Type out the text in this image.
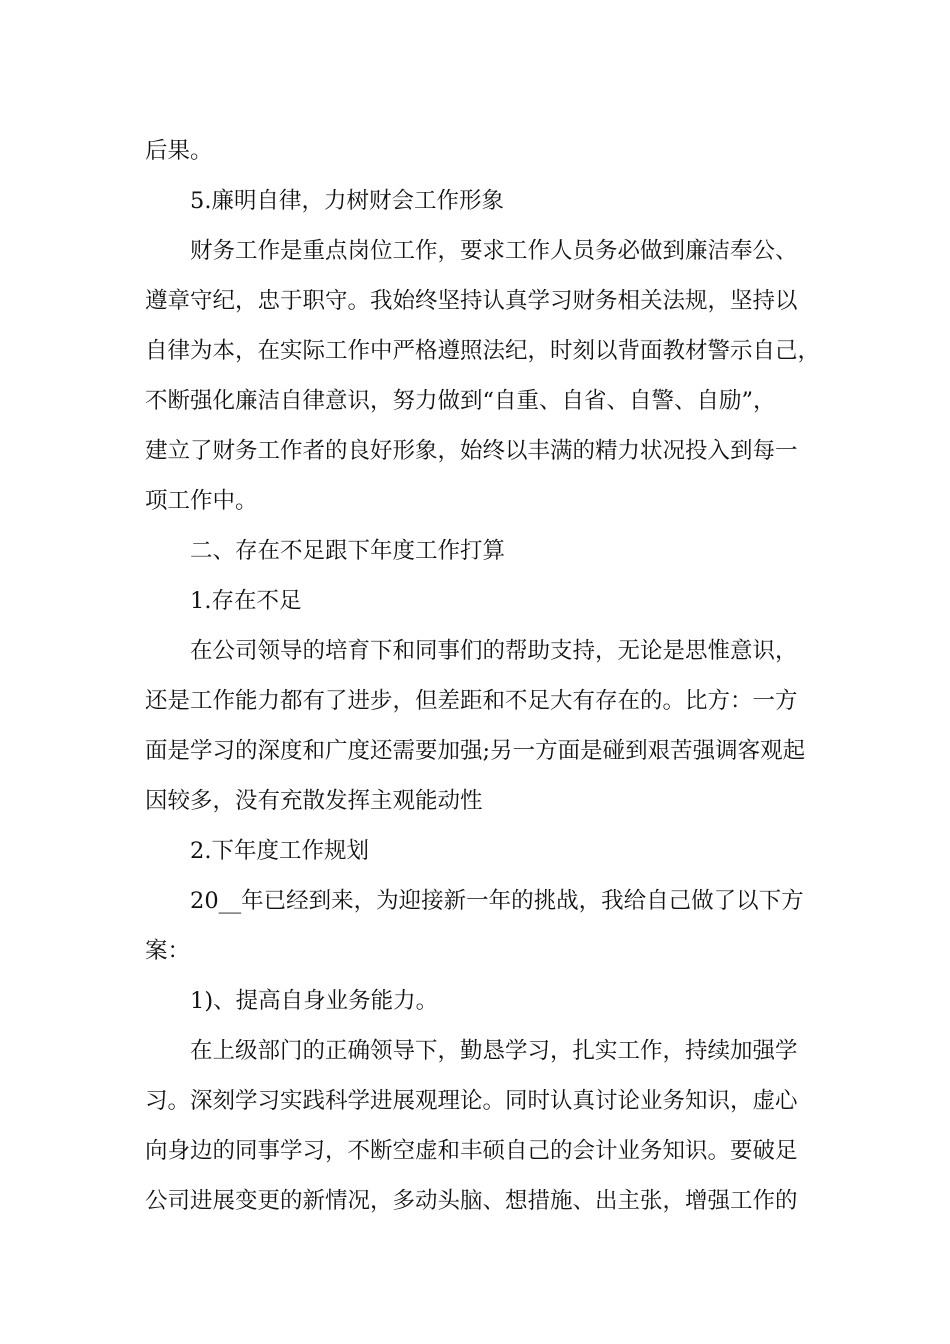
后果。
5.廉明自律，力树财会工作形象
财务工作是重点岗位工作，要求工作人员务必做到廉洁奉公、
遵章守纪，忠于职守。我始终坚持认真学习财务相关法规，坚持以
自律为本，在实际工作中严格遵照法纪，时刻以背面教材警示自己，
不断强化廉洁自律意识，努力做到“自重、自省、自警、自励”，
建立了财务工作者的良好形象，始终以丰满的精力状况投入到每一
项工作中。
二、存在不足跟下年度工作打算
1.存在不足
在公司领导的培育下和同事们的帮助支持，无论是思惟意识，
还是工作能力都有了进步，但差距和不足大有存在的。比方：一方
面是学习的深度和广度还需要加强;另一方面是碰到艰苦强调客观起
因较多，没有充散发挥主观能动性
2.下年度工作规划
20__年已经到来，为迎接新一年的挑战，我给自己做了以下方
案：
1)、提高自身业务能力。
在上级部门的正确领导下，勤恳学习，扎实工作，持续加强学
习。深刻学习实践科学进展观理论。同时认真讨论业务知识，虚心
向身边的同事学习，不断空虚和丰硕自己的会计业务知识。要破足
公司进展变更的新情况，多动头脑、想措施、出主张，增强工作的
